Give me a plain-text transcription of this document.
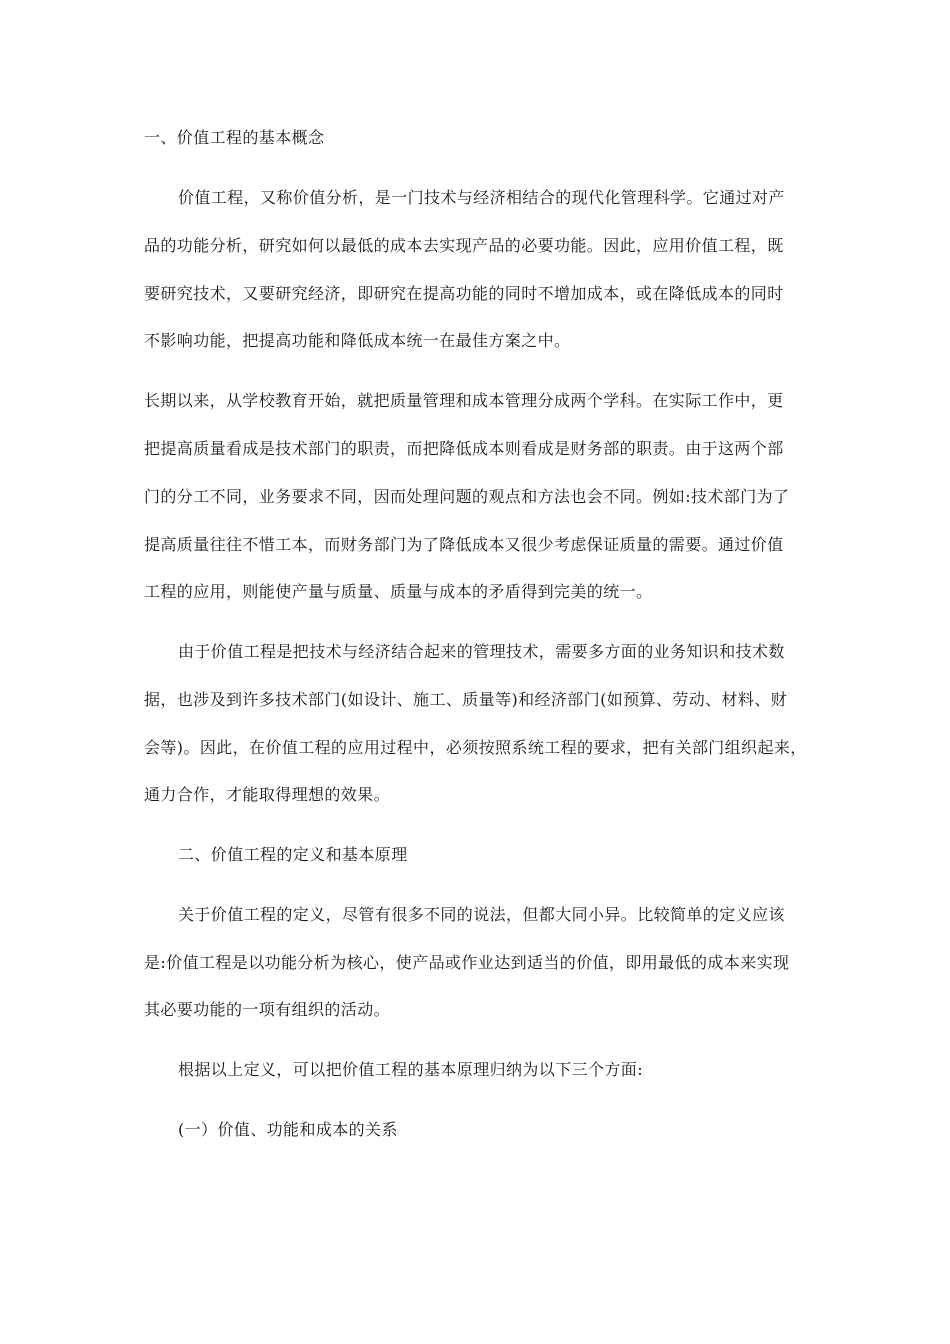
一、价值工程的基本概念
价值工程，又称价值分析，是一门技术与经济相结合的现代化管理科学。它通过对产
品的功能分析，研究如何以最低的成本去实现产品的必要功能。因此，应用价值工程，既
要研究技术，又要研究经济，即研究在提高功能的同时不增加成本，或在降低成本的同时
不影响功能，把提高功能和降低成本统一在最佳方案之中。
长期以来，从学校教育开始，就把质量管理和成本管理分成两个学科。在实际工作中，更
把提高质量看成是技术部门的职责，而把降低成本则看成是财务部的职责。由于这两个部
门的分工不同，业务要求不同，因而处理问题的观点和方法也会不同。例如:技术部门为了
提高质量往往不惜工本，而财务部门为了降低成本又很少考虑保证质量的需要。通过价值
工程的应用，则能使产量与质量、质量与成本的矛盾得到完美的统一。
由于价值工程是把技术与经济结合起来的管理技术，需要多方面的业务知识和技术数
据，也涉及到许多技术部门(如设计、施工、质量等)和经济部门(如预算、劳动、材料、财
会等)。因此，在价值工程的应用过程中，必须按照系统工程的要求，把有关部门组织起来，
通力合作，才能取得理想的效果。
二、价值工程的定义和基本原理
关于价值工程的定义，尽管有很多不同的说法，但都大同小异。比较简单的定义应该
是:价值工程是以功能分析为核心，使产品或作业达到适当的价值，即用最低的成本来实现
其必要功能的一项有组织的活动。
根据以上定义，可以把价值工程的基本原理归纳为以下三个方面:
(一）价值、功能和成本的关系
